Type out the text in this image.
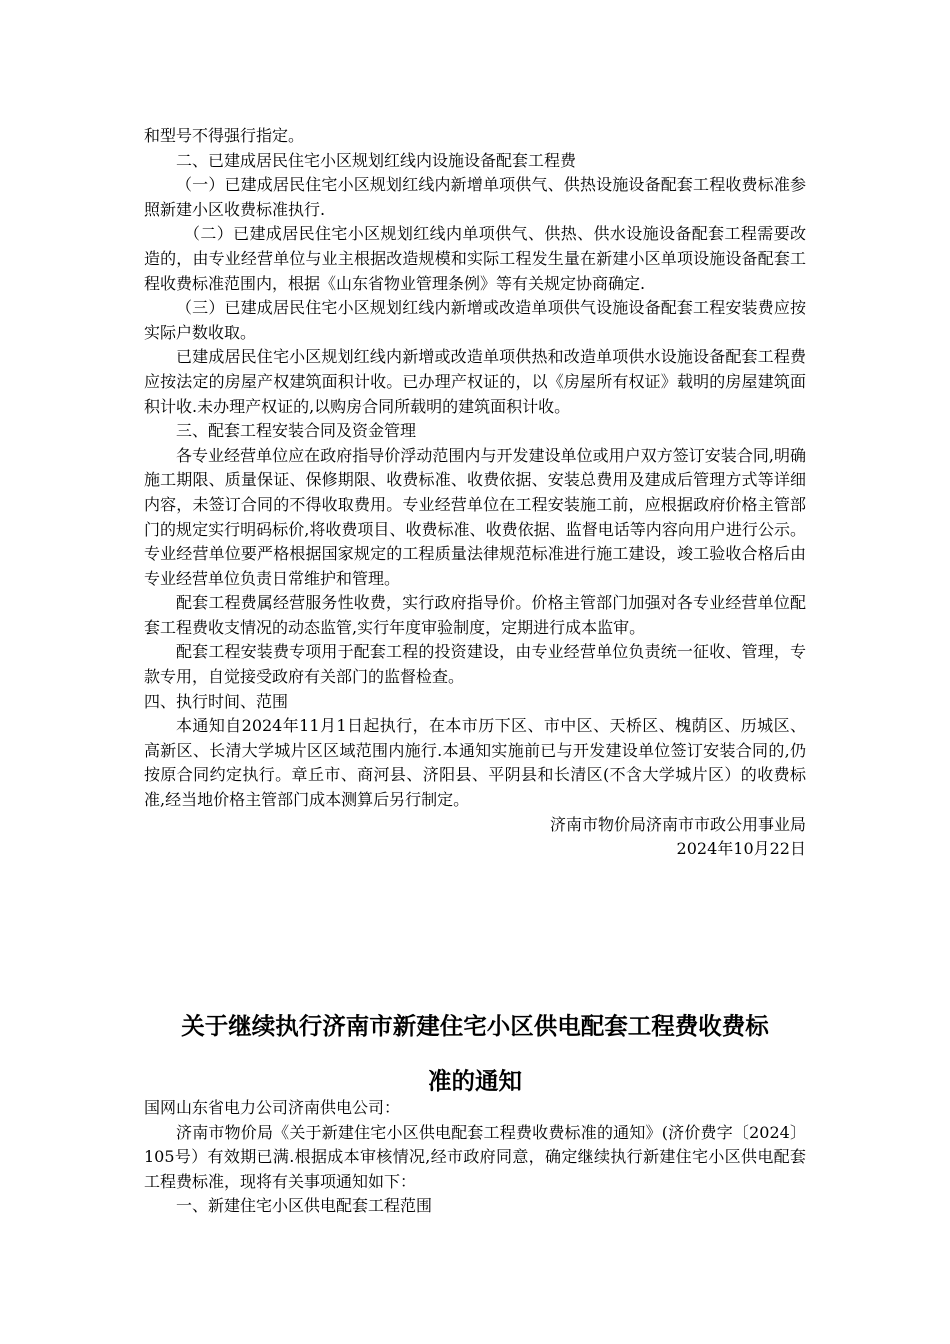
和型号不得强行指定。

二、已建成居民住宅小区规划红线内设施设备配套工程费

（一）已建成居民住宅小区规划红线内新增单项供气、供热设施设备配套工程收费标准参照新建小区收费标准执行.

（二）已建成居民住宅小区规划红线内单项供气、供热、供水设施设备配套工程需要改造的，由专业经营单位与业主根据改造规模和实际工程发生量在新建小区单项设施设备配套工程收费标准范围内，根据《山东省物业管理条例》等有关规定协商确定.

（三）已建成居民住宅小区规划红线内新增或改造单项供气设施设备配套工程安装费应按实际户数收取。

已建成居民住宅小区规划红线内新增或改造单项供热和改造单项供水设施设备配套工程费应按法定的房屋产权建筑面积计收。已办理产权证的，以《房屋所有权证》载明的房屋建筑面积计收.未办理产权证的,以购房合同所载明的建筑面积计收。

三、配套工程安装合同及资金管理

各专业经营单位应在政府指导价浮动范围内与开发建设单位或用户双方签订安装合同,明确施工期限、质量保证、保修期限、收费标准、收费依据、安装总费用及建成后管理方式等详细内容，未签订合同的不得收取费用。专业经营单位在工程安装施工前，应根据政府价格主管部门的规定实行明码标价,将收费项目、收费标准、收费依据、监督电话等内容向用户进行公示。专业经营单位要严格根据国家规定的工程质量法律规范标准进行施工建设，竣工验收合格后由专业经营单位负责日常维护和管理。

配套工程费属经营服务性收费，实行政府指导价。价格主管部门加强对各专业经营单位配套工程费收支情况的动态监管,实行年度审验制度，定期进行成本监审。

配套工程安装费专项用于配套工程的投资建设，由专业经营单位负责统一征收、管理，专款专用，自觉接受政府有关部门的监督检查。

四、执行时间、范围

本通知自2024年11月1日起执行，在本市历下区、市中区、天桥区、槐荫区、历城区、高新区、长清大学城片区区域范围内施行.本通知实施前已与开发建设单位签订安装合同的,仍按原合同约定执行。章丘市、商河县、济阳县、平阴县和长清区(不含大学城片区）的收费标准,经当地价格主管部门成本测算后另行制定。

济南市物价局济南市市政公用事业局

2024年10月22日

关于继续执行济南市新建住宅小区供电配套工程费收费标
准的通知

国网山东省电力公司济南供电公司：

济南市物价局《关于新建住宅小区供电配套工程费收费标准的通知》(济价费字〔2024〕105号）有效期已满.根据成本审核情况,经市政府同意，确定继续执行新建住宅小区供电配套工程费标准，现将有关事项通知如下：

一、新建住宅小区供电配套工程范围
